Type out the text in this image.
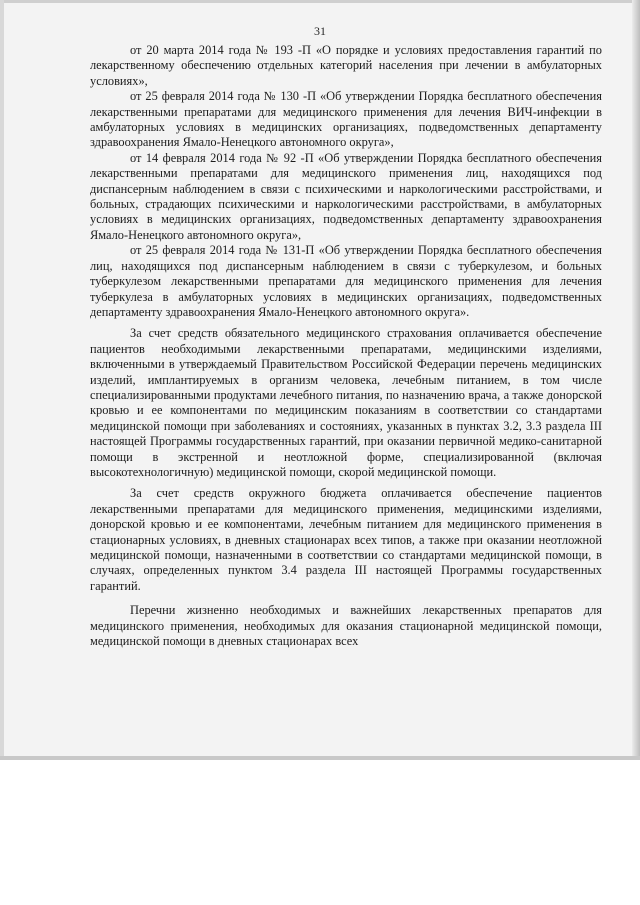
31

от 20 марта 2014 года № 193 -П «О порядке и условиях предоставления гарантий по лекарственному обеспечению отдельных категорий населения при лечении в амбулаторных условиях»,

от 25 февраля 2014 года № 130 -П «Об утверждении Порядка бесплатного обеспечения лекарственными препаратами для медицинского применения для лечения ВИЧ-инфекции в амбулаторных условиях в медицинских организациях, подведомственных департаменту здравоохранения Ямало-Ненецкого автономного округа»,

от 14 февраля 2014 года № 92 -П «Об утверждении Порядка бесплатного обеспечения лекарственными препаратами для медицинского применения лиц, находящихся под диспансерным наблюдением в связи с психическими и наркологическими расстройствами, и больных, страдающих психическими и наркологическими расстройствами, в амбулаторных условиях в медицинских организациях, подведомственных департаменту здравоохранения Ямало-Ненецкого автономного округа»,

от 25 февраля 2014 года № 131-П «Об утверждении Порядка бесплатного обеспечения лиц, находящихся под диспансерным наблюдением в связи с туберкулезом, и больных туберкулезом лекарственными препаратами для медицинского применения для лечения туберкулеза в амбулаторных условиях в медицинских организациях, подведомственных департаменту здравоохранения Ямало-Ненецкого автономного округа».

За счет средств обязательного медицинского страхования оплачивается обеспечение пациентов необходимыми лекарственными препаратами, медицинскими изделиями, включенными в утверждаемый Правительством Российской Федерации перечень медицинских изделий, имплантируемых в организм человека, лечебным питанием, в том числе специализированными продуктами лечебного питания, по назначению врача, а также донорской кровью и ее компонентами по медицинским показаниям в соответствии со стандартами медицинской помощи при заболеваниях и состояниях, указанных в пунктах 3.2, 3.3 раздела III настоящей Программы государственных гарантий, при оказании первичной медико-санитарной помощи в экстренной и неотложной форме, специализированной (включая высокотехнологичную) медицинской помощи, скорой медицинской помощи.

За счет средств окружного бюджета оплачивается обеспечение пациентов лекарственными препаратами для медицинского применения, медицинскими изделиями, донорской кровью и ее компонентами, лечебным питанием для медицинского применения в стационарных условиях, в дневных стационарах всех типов, а также при оказании неотложной медицинской помощи, назначенными в соответствии со стандартами медицинской помощи, в случаях, определенных пунктом 3.4 раздела III настоящей Программы государственных гарантий.

Перечни жизненно необходимых и важнейших лекарственных препаратов для медицинского применения, необходимых для оказания стационарной медицинской помощи, медицинской помощи в дневных стационарах всех
